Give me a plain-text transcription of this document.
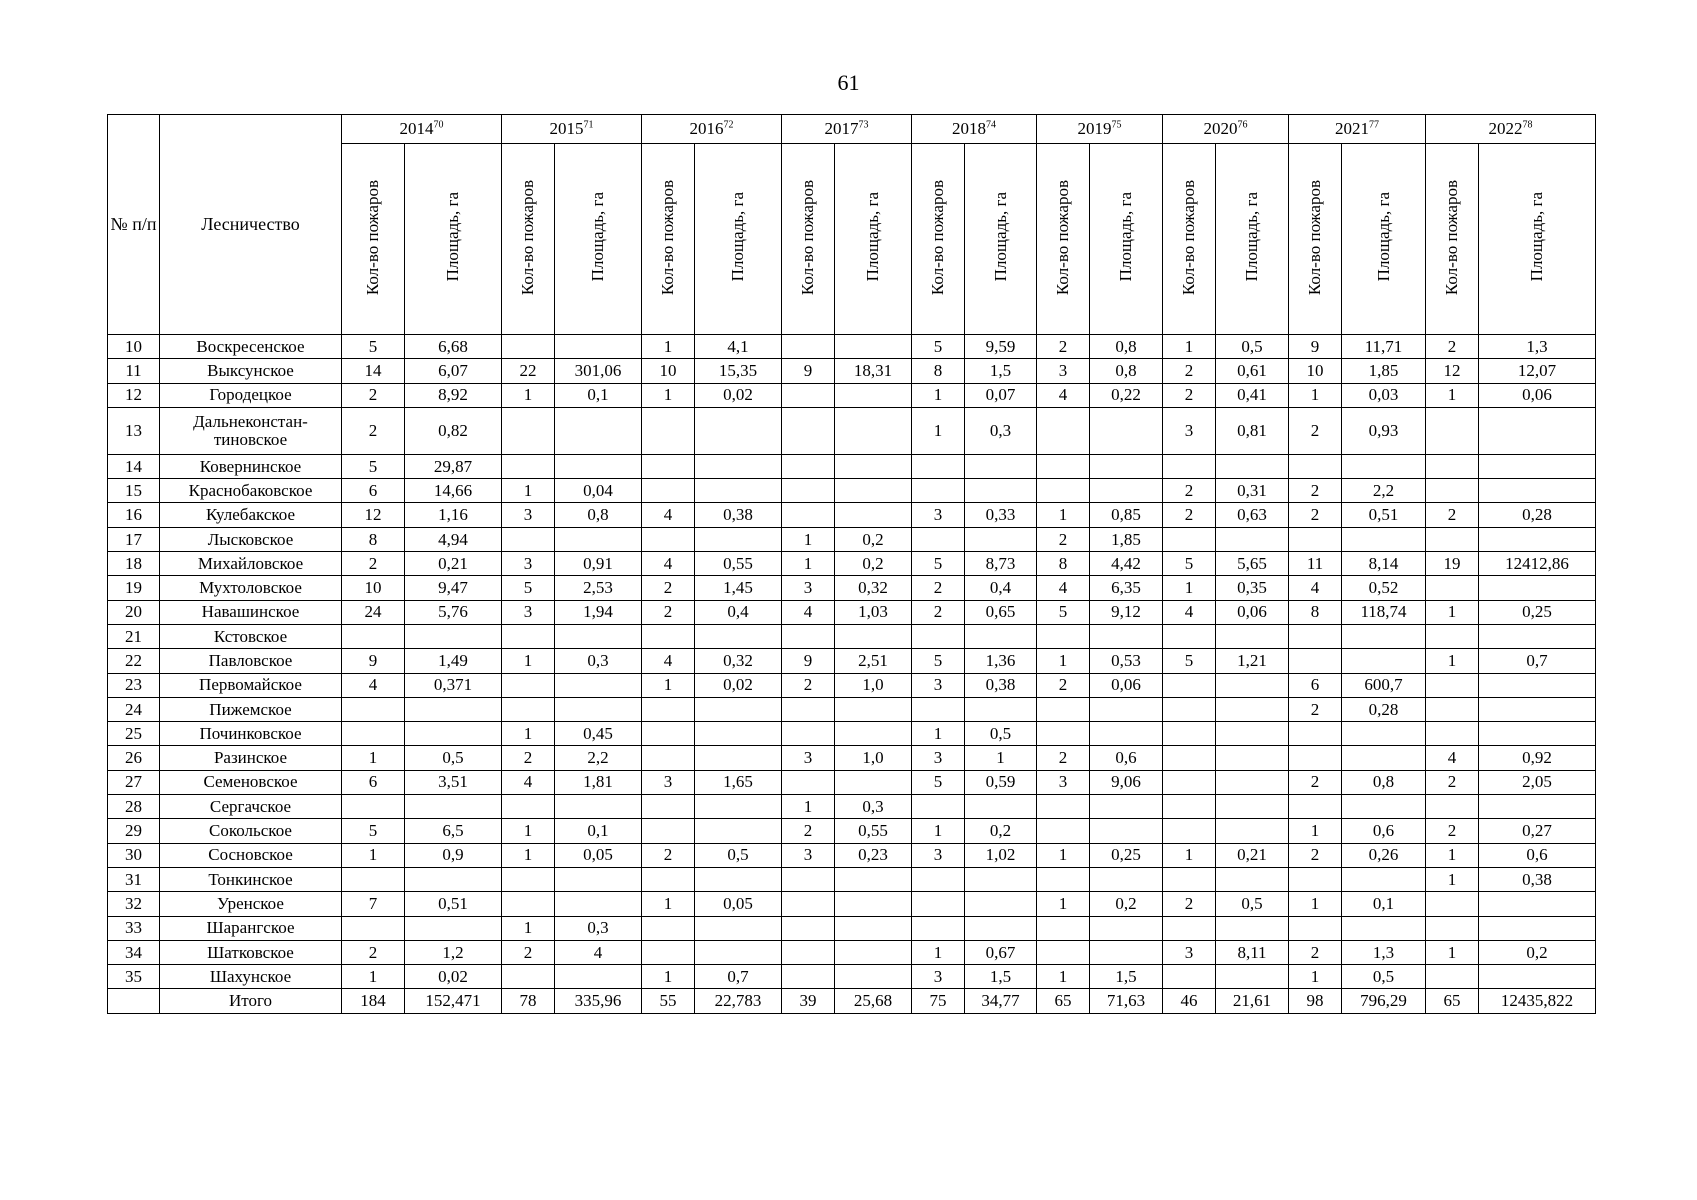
61
№ п/п	Лесничество	2014$^{70}$		2015$^{71}$		2016$^{72}$		2017$^{73}$		2018$^{74}$		2019$^{75}$		2020$^{76}$		2021$^{77}$		2022$^{78}$
		Кол-во пожаров	Площадь, га	Кол-во пожаров	Площадь, га	Кол-во пожаров	Площадь, га	Кол-во пожаров	Площадь, га	Кол-во пожаров	Площадь, га	Кол-во пожаров	Площадь, га	Кол-во пожаров	Площадь, га	Кол-во пожаров	Площадь, га	Кол-во пожаров	Площадь, га
10	Воскресенское	5	6,68			1	4,1			5	9,59	2	0,8	1	0,5	9	11,71	2	1,3
11	Выксунское	14	6,07	22	301,06	10	15,35	9	18,31	8	1,5	3	0,8	2	0,61	10	1,85	12	12,07
12	Городецкое	2	8,92	1	0,1	1	0,02			1	0,07	4	0,22	2	0,41	1	0,03	1	0,06
13	Дальнеконстан-
тиновское	2	0,82							1	0,3			3	0,81	2	0,93		
14	Ковернинское	5	29,87																
15	Краснобаковское	6	14,66	1	0,04									2	0,31	2	2,2		
16	Кулебакское	12	1,16	3	0,8	4	0,38			3	0,33	1	0,85	2	0,63	2	0,51	2	0,28
17	Лысковское	8	4,94					1	0,2			2	1,85						
18	Михайловское	2	0,21	3	0,91	4	0,55	1	0,2	5	8,73	8	4,42	5	5,65	11	8,14	19	12412,86
19	Мухтоловское	10	9,47	5	2,53	2	1,45	3	0,32	2	0,4	4	6,35	1	0,35	4	0,52		
20	Навашинское	24	5,76	3	1,94	2	0,4	4	1,03	2	0,65	5	9,12	4	0,06	8	118,74	1	0,25
21	Кстовское																		
22	Павловское	9	1,49	1	0,3	4	0,32	9	2,51	5	1,36	1	0,53	5	1,21			1	0,7
23	Первомайское	4	0,371			1	0,02	2	1,0	3	0,38	2	0,06			6	600,7		
24	Пижемское															2	0,28		
25	Починковское			1	0,45					1	0,5								
26	Разинское	1	0,5	2	2,2			3	1,0	3	1	2	0,6					4	0,92
27	Семеновское	6	3,51	4	1,81	3	1,65			5	0,59	3	9,06			2	0,8	2	2,05
28	Сергачское							1	0,3										
29	Сокольское	5	6,5	1	0,1			2	0,55	1	0,2					1	0,6	2	0,27
30	Сосновское	1	0,9	1	0,05	2	0,5	3	0,23	3	1,02	1	0,25	1	0,21	2	0,26	1	0,6
31	Тонкинское																	1	0,38
32	Уренское	7	0,51			1	0,05					1	0,2	2	0,5	1	0,1		
33	Шарангское			1	0,3														
34	Шатковское	2	1,2	2	4					1	0,67			3	8,11	2	1,3	1	0,2
35	Шахунское	1	0,02			1	0,7			3	1,5	1	1,5			1	0,5		
	Итого	184	152,471	78	335,96	55	22,783	39	25,68	75	34,77	65	71,63	46	21,61	98	796,29	65	12435,822
